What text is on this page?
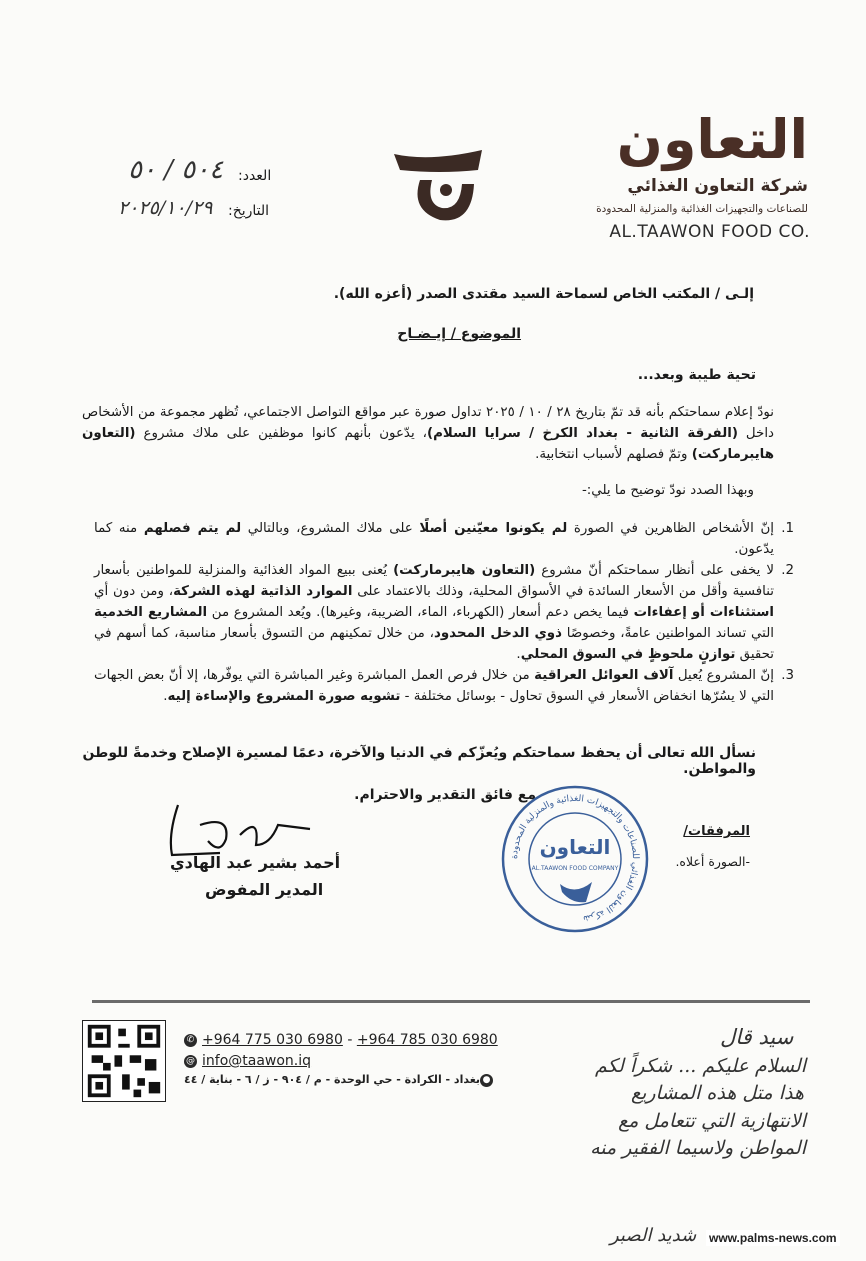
التعاون
شركة التعاون الغذائي
للصناعات والتجهيزات الغذائية والمنزلية المحدودة
AL.TAAWON FOOD CO.
العدد:
٥٠٤ / ٥٠
التاريخ:
٢٠٢٥/١٠/٢٩
إلـى / المكتب الخاص لسماحة السيد مقتدى الصدر (أعزه الله).
الموضوع / إيـضـاح
تحية طيبة وبعد...
نودّ إعلام سماحتكم بأنه قد تمّ بتاريخ ٢٨ / ١٠ / ٢٠٢٥ تداول صورة عبر مواقع التواصل الاجتماعي، تُظهر مجموعة من الأشخاص داخل (الفرقة الثانية - بغداد الكرخ / سرايا السلام)، يدّعون بأنهم كانوا موظفين على ملاك مشروع (التعاون هايبرماركت) وتمّ فصلهم لأسباب انتخابية.
وبهذا الصدد نودّ توضيح ما يلي:-
1.
إنّ الأشخاص الظاهرين في الصورة لم يكونوا معيّنين أصلًا على ملاك المشروع، وبالتالي لم يتم فصلهم منه كما يدّعون.
2.
لا يخفى على أنظار سماحتكم أنّ مشروع (التعاون هايبرماركت) يُعنى ببيع المواد الغذائية والمنزلية للمواطنين بأسعار تنافسية وأقل من الأسعار السائدة في الأسواق المحلية، وذلك بالاعتماد على الموارد الذاتية لهذه الشركة، ومن دون أي استثناءات أو إعفاءات فيما يخص دعم أسعار (الكهرباء، الماء، الضريبة، وغيرها). ويُعد المشروع من المشاريع الخدمية التي تساند المواطنين عامةً، وخصوصًا ذوي الدخل المحدود، من خلال تمكينهم من التسوق بأسعار مناسبة، كما أسهم في تحقيق توازنٍ ملحوظٍ في السوق المحلي.
3.
إنّ المشروع يُعيل آلاف العوائل العراقية من خلال فرص العمل المباشرة وغير المباشرة التي يوفّرها، إلا أنّ بعض الجهات التي لا يسُرّها انخفاض الأسعار في السوق تحاول - بوسائل مختلفة - تشويه صورة المشروع والإساءة إليه.
نسأل الله تعالى أن يحفظ سماحتكم ويُعزّكم في الدنيا والآخرة، دعمًا لمسيرة الإصلاح وخدمةً للوطن والمواطن.
مع فائق التقدير والاحترام.
المرفقات/
-الصورة أعلاه.
أحمد بشير عبد الهادي
المدير المفوض
شركة التعاون الغذائي للصناعات والتجهيزات الغذائية والمنزلية المحدودة
التعاون
AL.TAAWON FOOD COMPANY
✆ +964 775 030 6980 - +964 785 030 6980
@ info@taawon.iq
●بغداد - الكرادة - حي الوحدة - م / ٩٠٤ - ز / ٦ - بناية / ٤٤
سيد قال
السلام عليكم ... شكراً لكم
هذا متل هذه المشاريع
الانتهازية التي تتعامل مع
المواطن ولاسيما الفقير منه
شديد الصبر www.palms-news.com
